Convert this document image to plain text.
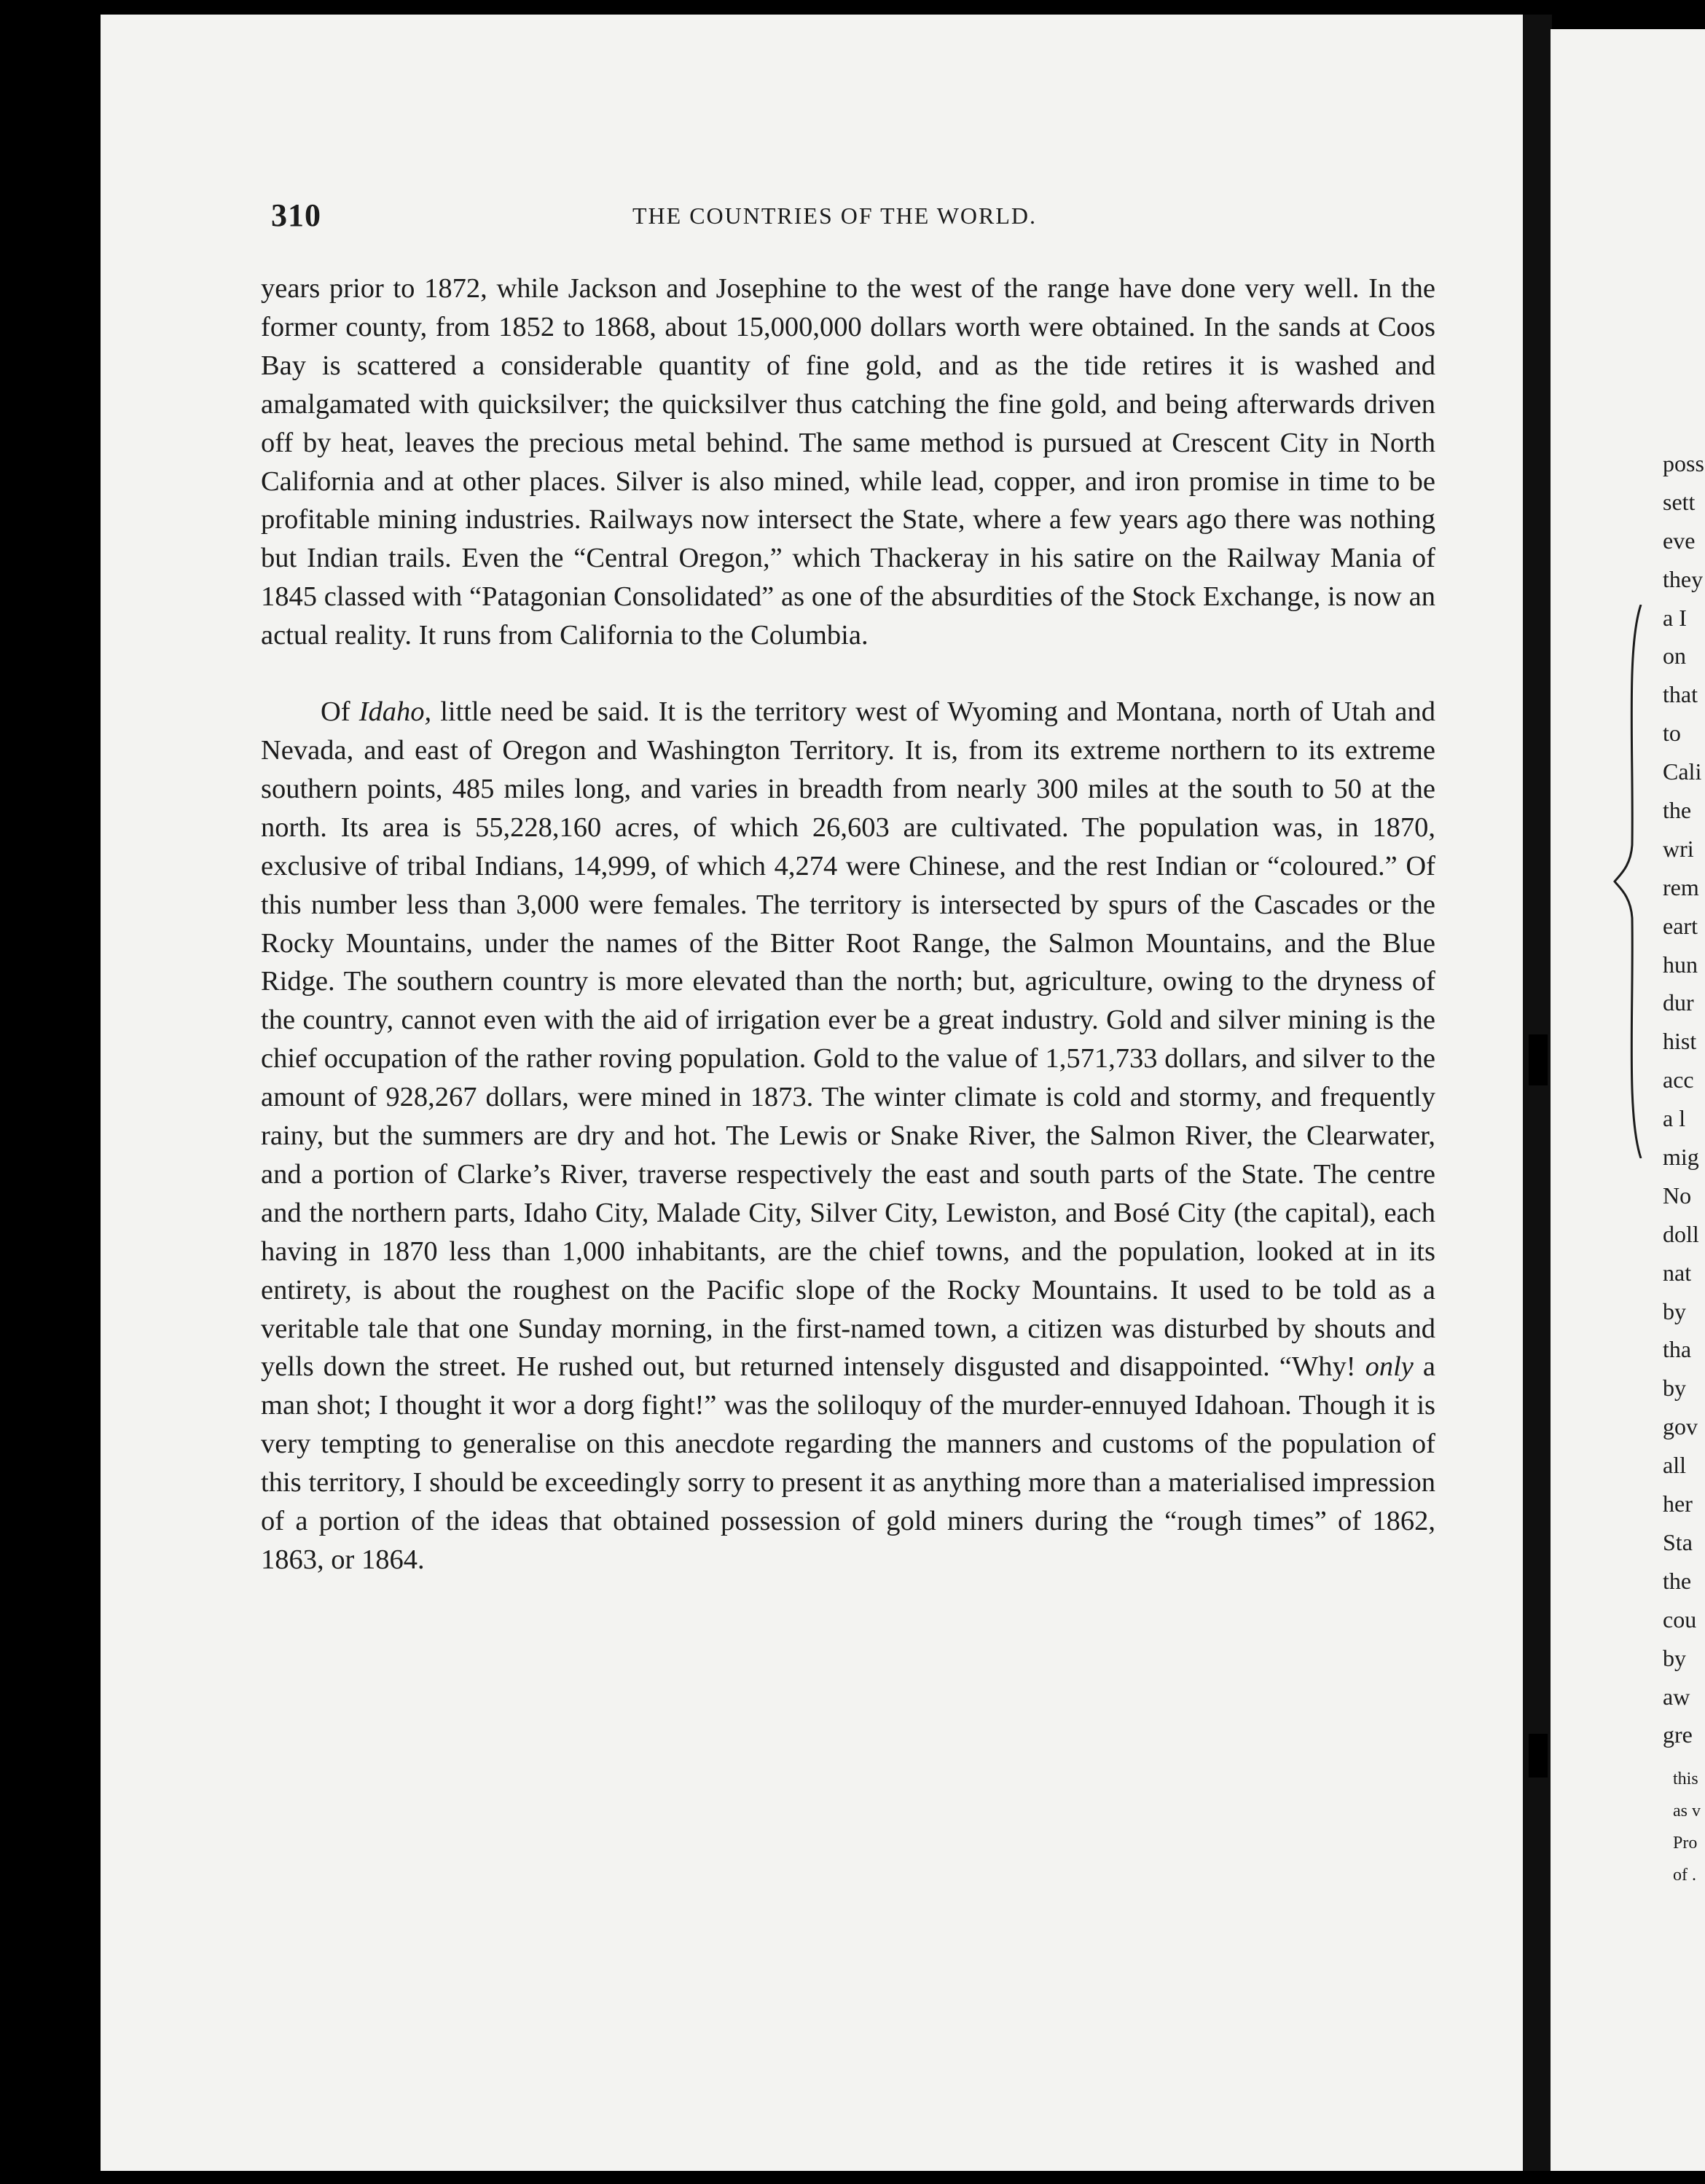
310	THE COUNTRIES OF THE WORLD.

years prior to 1872, while Jackson and Josephine to the west of the range have done very well. In the former county, from 1852 to 1868, about 15,000,000 dollars worth were obtained. In the sands at Coos Bay is scattered a considerable quantity of fine gold, and as the tide retires it is washed and amalgamated with quicksilver; the quicksilver thus catching the fine gold, and being afterwards driven off by heat, leaves the precious metal behind. The same method is pursued at Crescent City in North California and at other places. Silver is also mined, while lead, copper, and iron promise in time to be profitable mining industries. Railways now intersect the State, where a few years ago there was nothing but Indian trails. Even the “Central Oregon,” which Thackeray in his satire on the Railway Mania of 1845 classed with “Patagonian Consolidated” as one of the absurdities of the Stock Exchange, is now an actual reality. It runs from California to the Columbia.

Of Idaho, little need be said. It is the territory west of Wyoming and Montana, north of Utah and Nevada, and east of Oregon and Washington Territory. It is, from its extreme northern to its extreme southern points, 485 miles long, and varies in breadth from nearly 300 miles at the south to 50 at the north. Its area is 55,228,160 acres, of which 26,603 are cultivated. The population was, in 1870, exclusive of tribal Indians, 14,999, of which 4,274 were Chinese, and the rest Indian or “coloured.” Of this number less than 3,000 were females. The territory is intersected by spurs of the Cascades or the Rocky Mountains, under the names of the Bitter Root Range, the Salmon Mountains, and the Blue Ridge. The southern country is more elevated than the north; but, agriculture, owing to the dryness of the country, cannot even with the aid of irrigation ever be a great industry. Gold and silver mining is the chief occupation of the rather roving population. Gold to the value of 1,571,733 dollars, and silver to the amount of 928,267 dollars, were mined in 1873. The winter climate is cold and stormy, and frequently rainy, but the summers are dry and hot. The Lewis or Snake River, the Salmon River, the Clearwater, and a portion of Clarke’s River, traverse respectively the east and south parts of the State. The centre and the northern parts, Idaho City, Malade City, Silver City, Lewiston, and Bosé City (the capital), each having in 1870 less than 1,000 inhabitants, are the chief towns, and the population, looked at in its entirety, is about the roughest on the Pacific slope of the Rocky Mountains. It used to be told as a veritable tale that one Sunday morning, in the first-named town, a citizen was disturbed by shouts and yells down the street. He rushed out, but returned intensely disgusted and disappointed. “Why! only a man shot; I thought it wor a dorg fight!” was the soliloquy of the murder-ennuyed Idahoan. Though it is very tempting to generalise on this anecdote regarding the manners and customs of the population of this territory, I should be exceedingly sorry to present it as anything more than a materialised impression of a portion of the ideas that obtained possession of gold miners during the “rough times” of 1862, 1863, or 1864.

poss
sett
eve
they
a I
on
that
to
Cali
the
wri
rem
eart
hun
dur
hist
acc
a l
mig
No
doll
nat
by
tha
by
gov
all
her
Sta
the
cou
by
aw
gre
this
as v
Pro
of .
